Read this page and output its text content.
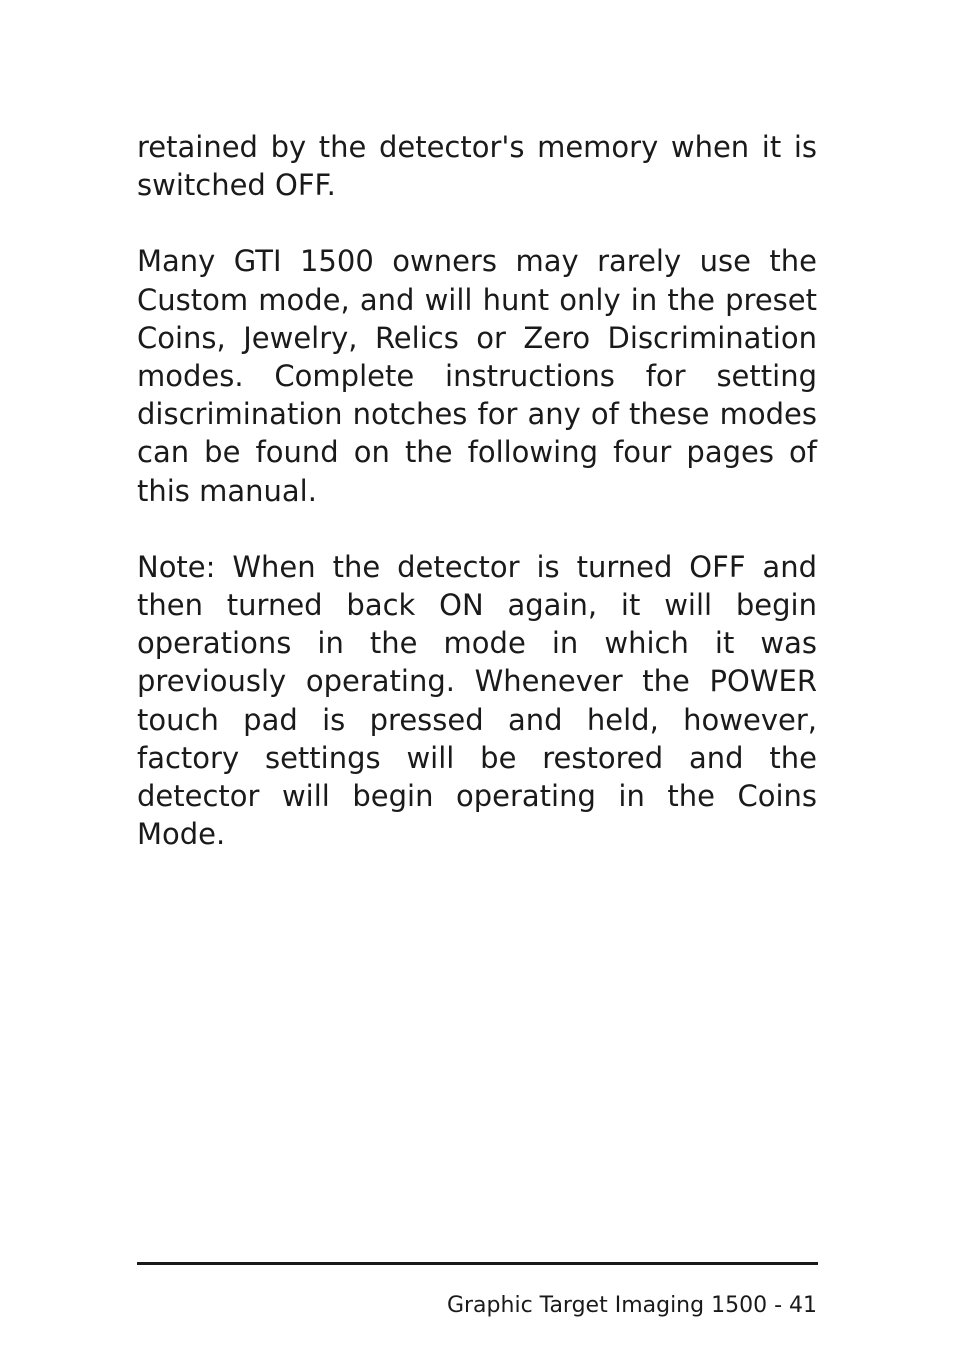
retained by the detector's memory when it is switched OFF.

Many GTI 1500 owners may rarely use the Custom mode, and will hunt only in the preset Coins, Jewelry, Relics or Zero Discrimination modes. Complete instructions for setting discrimination notches for any of these modes can be found on the following four pages of this manual.

Note: When the detector is turned OFF and then turned back ON again, it will begin operations in the mode in which it was previously operating. Whenever the POWER touch pad is pressed and held, however, factory settings will be restored and the detector will begin operating in the Coins Mode.

Graphic Target Imaging 1500 - 41
